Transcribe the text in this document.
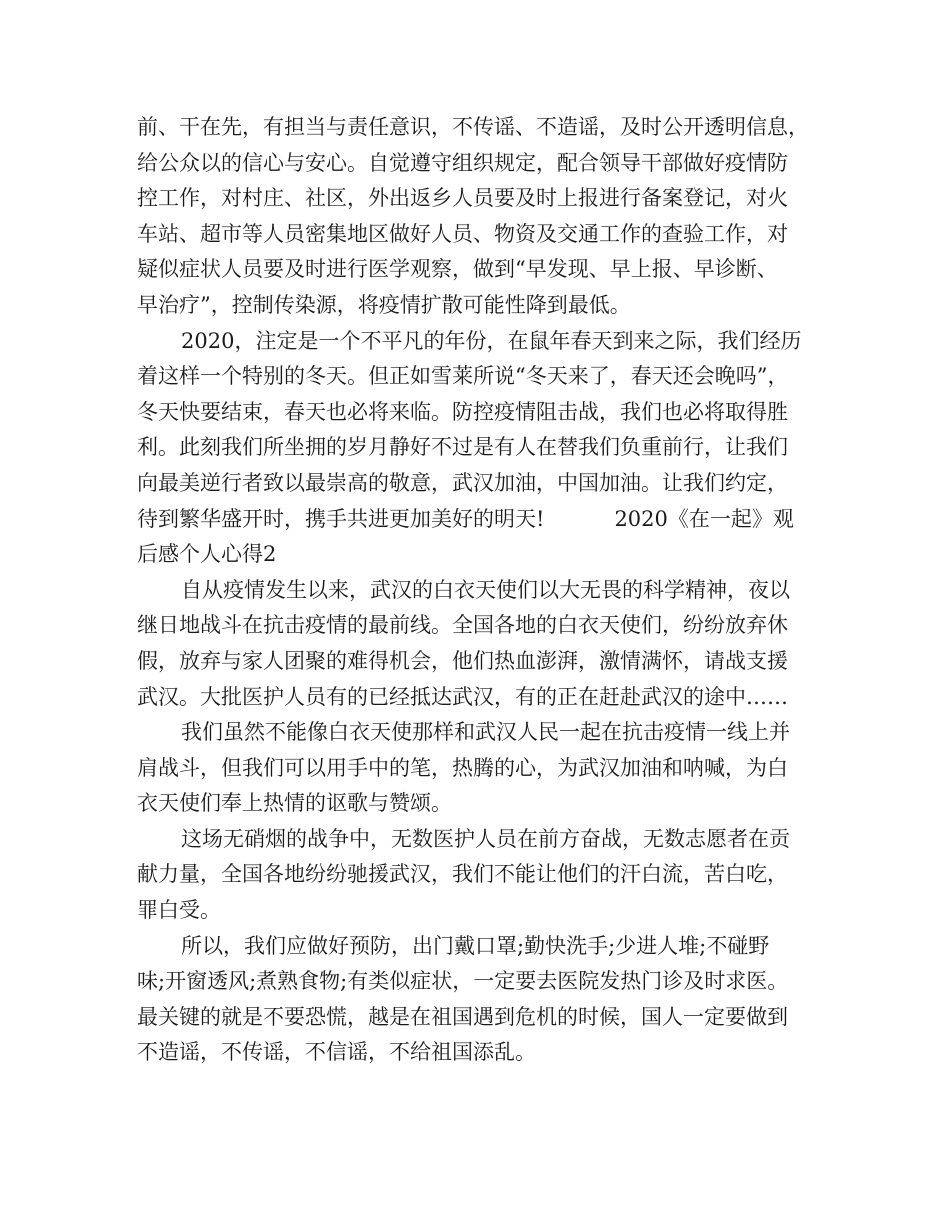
前、干在先，有担当与责任意识，不传谣、不造谣，及时公开透明信息，
给公众以的信心与安心。自觉遵守组织规定，配合领导干部做好疫情防
控工作，对村庄、社区，外出返乡人员要及时上报进行备案登记，对火
车站、超市等人员密集地区做好人员、物资及交通工作的查验工作，对
疑似症状人员要及时进行医学观察，做到“早发现、早上报、早诊断、
早治疗”，控制传染源，将疫情扩散可能性降到最低。
2020，注定是一个不平凡的年份，在鼠年春天到来之际，我们经历
着这样一个特别的冬天。但正如雪莱所说“冬天来了，春天还会晚吗”，
冬天快要结束，春天也必将来临。防控疫情阻击战，我们也必将取得胜
利。此刻我们所坐拥的岁月静好不过是有人在替我们负重前行，让我们
向最美逆行者致以最崇高的敬意，武汉加油，中国加油。让我们约定，
待到繁华盛开时，携手共进更加美好的明天!	2020《在一起》观
后感个人心得2
自从疫情发生以来，武汉的白衣天使们以大无畏的科学精神，夜以
继日地战斗在抗击疫情的最前线。全国各地的白衣天使们，纷纷放弃休
假，放弃与家人团聚的难得机会，他们热血澎湃，激情满怀，请战支援
武汉。大批医护人员有的已经抵达武汉，有的正在赶赴武汉的途中……
我们虽然不能像白衣天使那样和武汉人民一起在抗击疫情一线上并
肩战斗，但我们可以用手中的笔，热腾的心，为武汉加油和呐喊，为白
衣天使们奉上热情的讴歌与赞颂。
这场无硝烟的战争中，无数医护人员在前方奋战，无数志愿者在贡
献力量，全国各地纷纷驰援武汉，我们不能让他们的汗白流，苦白吃，
罪白受。
所以，我们应做好预防，出门戴口罩;勤快洗手;少进人堆;不碰野
味;开窗透风;煮熟食物;有类似症状，一定要去医院发热门诊及时求医。
最关键的就是不要恐慌，越是在祖国遇到危机的时候，国人一定要做到
不造谣，不传谣，不信谣，不给祖国添乱。
